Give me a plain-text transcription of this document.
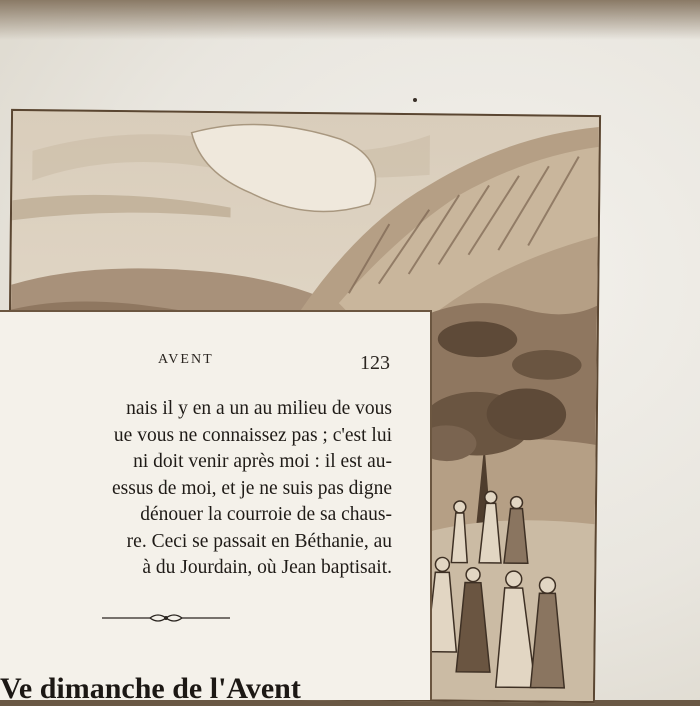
AVENT	123
nais il y en a un au milieu de vous
ue vous ne connaissez pas ; c'est lui
ni doit venir après moi : il est au-
essus de moi, et je ne suis pas digne
dénouer la courroie de sa chaus-
re. Ceci se passait en Béthanie, au
à du Jourdain, où Jean baptisait.
Ve dimanche de l'Avent
